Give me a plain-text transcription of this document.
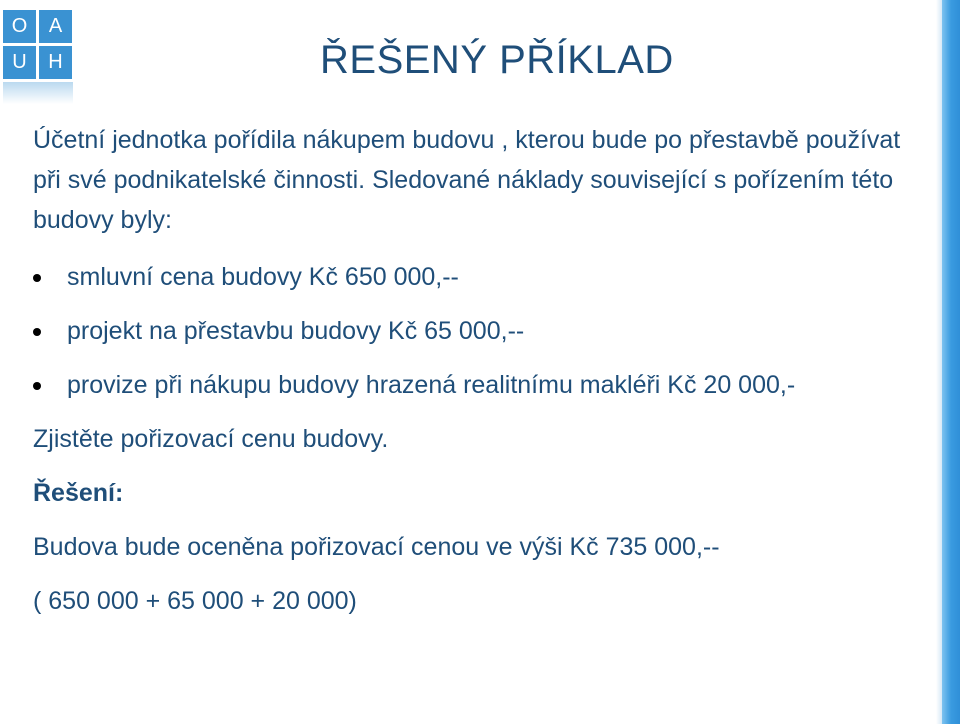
O	A
U	H	ŘEŠENÝ PŘÍKLAD

Účetní jednotka pořídila nákupem budovu , kterou bude po přestavbě používat při své podnikatelské činnosti. Sledované náklady související s pořízením této budovy byly:

smluvní cena budovy Kč 650 000,--
projekt na přestavbu budovy Kč 65 000,--
provize při nákupu budovy hrazená realitnímu makléři Kč 20 000,-

Zjistěte pořizovací cenu budovy.

Řešení:

Budova bude oceněna pořizovací cenou ve výši Kč 735 000,--

( 650 000 + 65 000 + 20 000)
